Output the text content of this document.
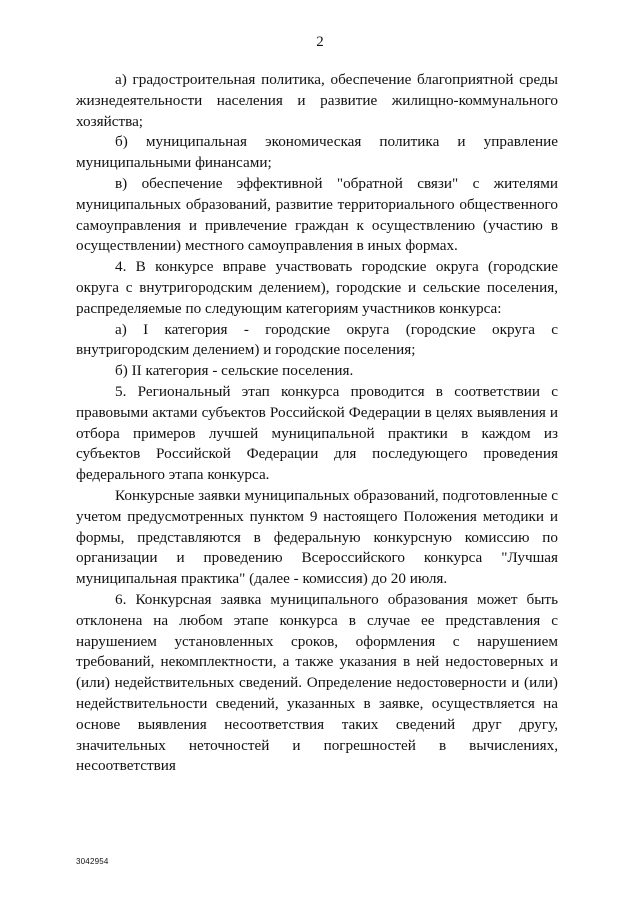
2

а) градостроительная политика, обеспечение благоприятной среды жизнедеятельности населения и развитие жилищно-коммунального хозяйства;

б) муниципальная экономическая политика и управление муниципальными финансами;

в) обеспечение эффективной "обратной связи" с жителями муниципальных образований, развитие территориального общественного самоуправления и привлечение граждан к осуществлению (участию в осуществлении) местного самоуправления в иных формах.

4. В конкурсе вправе участвовать городские округа (городские округа с внутригородским делением), городские и сельские поселения, распределяемые по следующим категориям участников конкурса:

а) I категория - городские округа (городские округа с внутригородским делением) и городские поселения;

б) II категория - сельские поселения.

5. Региональный этап конкурса проводится в соответствии с правовыми актами субъектов Российской Федерации в целях выявления и отбора примеров лучшей муниципальной практики в каждом из субъектов Российской Федерации для последующего проведения федерального этапа конкурса.

Конкурсные заявки муниципальных образований, подготовленные с учетом предусмотренных пунктом 9 настоящего Положения методики и формы, представляются в федеральную конкурсную комиссию по организации и проведению Всероссийского конкурса "Лучшая муниципальная практика" (далее - комиссия) до 20 июля.

6. Конкурсная заявка муниципального образования может быть отклонена на любом этапе конкурса в случае ее представления с нарушением установленных сроков, оформления с нарушением требований, некомплектности, а также указания в ней недостоверных и (или) недействительных сведений. Определение недостоверности и (или) недействительности сведений, указанных в заявке, осуществляется на основе выявления несоответствия таких сведений друг другу, значительных неточностей и погрешностей в вычислениях, несоответствия

3042954
